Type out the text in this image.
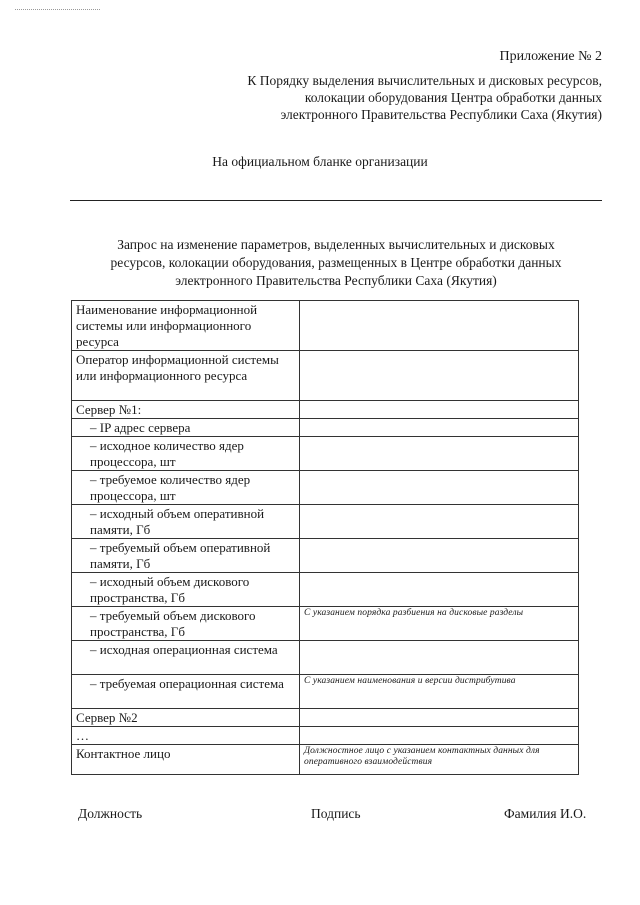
Приложение № 2
К Порядку выделения вычислительных и дисковых ресурсов,
колокации оборудования Центра обработки данных
электронного Правительства Республики Саха (Якутия)
На официальном бланке организации
Запрос на изменение параметров, выделенных вычислительных и дисковых
ресурсов, колокации оборудования, размещенных в Центре обработки данных
электронного Правительства Республики Саха (Якутия)
Наименование информационной системы или информационного ресурса	
Оператор информационной системы или информационного ресурса	
Сервер №1:	
– IP адрес сервера	
– исходное количество ядер процессора, шт	
– требуемое количество ядер процессора, шт	
– исходный объем оперативной памяти, Гб	
– требуемый объем оперативной памяти, Гб	
– исходный объем дискового пространства, Гб	
– требуемый объем дискового пространства, Гб	С указанием порядка разбиения на дисковые разделы
– исходная операционная система	
– требуемая операционная система	С указанием наименования и версии дистрибутива
Сервер №2	
…	
Контактное лицо	Должностное лицо с указанием контактных данных для оперативного взаимодействия
Должность	Подпись	Фамилия И.О.
